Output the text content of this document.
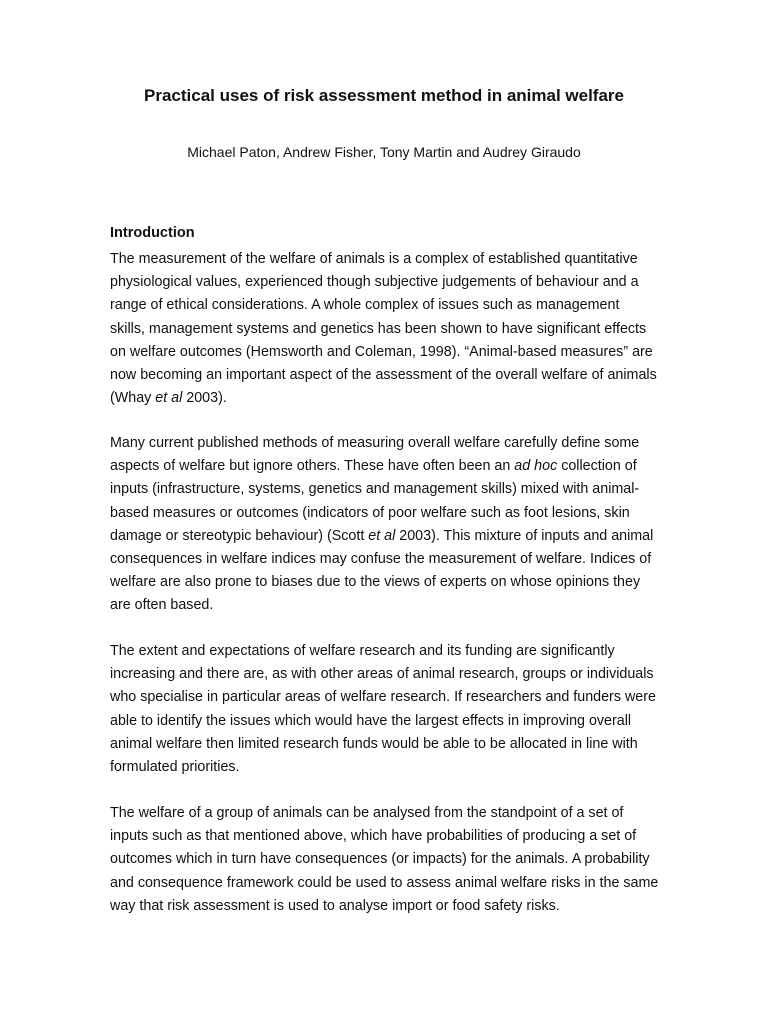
Practical uses of risk assessment method in animal welfare
Michael Paton, Andrew Fisher, Tony Martin and Audrey Giraudo
Introduction

The measurement of the welfare of animals is a complex of established quantitative
physiological values, experienced though subjective judgements of behaviour and a
range of ethical considerations. A whole complex of issues such as management
skills, management systems and genetics has been shown to have significant effects
on welfare outcomes (Hemsworth and Coleman, 1998). “Animal-based measures” are
now becoming an important aspect of the assessment of the overall welfare of animals
(Whay et al 2003).

Many current published methods of measuring overall welfare carefully define some
aspects of welfare but ignore others. These have often been an ad hoc collection of
inputs (infrastructure, systems, genetics and management skills) mixed with animal-
based measures or outcomes (indicators of poor welfare such as foot lesions, skin
damage or stereotypic behaviour) (Scott et al 2003). This mixture of inputs and animal
consequences in welfare indices may confuse the measurement of welfare. Indices of
welfare are also prone to biases due to the views of experts on whose opinions they
are often based.

The extent and expectations of welfare research and its funding are significantly
increasing and there are, as with other areas of animal research, groups or individuals
who specialise in particular areas of welfare research. If researchers and funders were
able to identify the issues which would have the largest effects in improving overall
animal welfare then limited research funds would be able to be allocated in line with
formulated priorities.

The welfare of a group of animals can be analysed from the standpoint of a set of
inputs such as that mentioned above, which have probabilities of producing a set of
outcomes which in turn have consequences (or impacts) for the animals. A probability
and consequence framework could be used to assess animal welfare risks in the same
way that risk assessment is used to analyse import or food safety risks.
